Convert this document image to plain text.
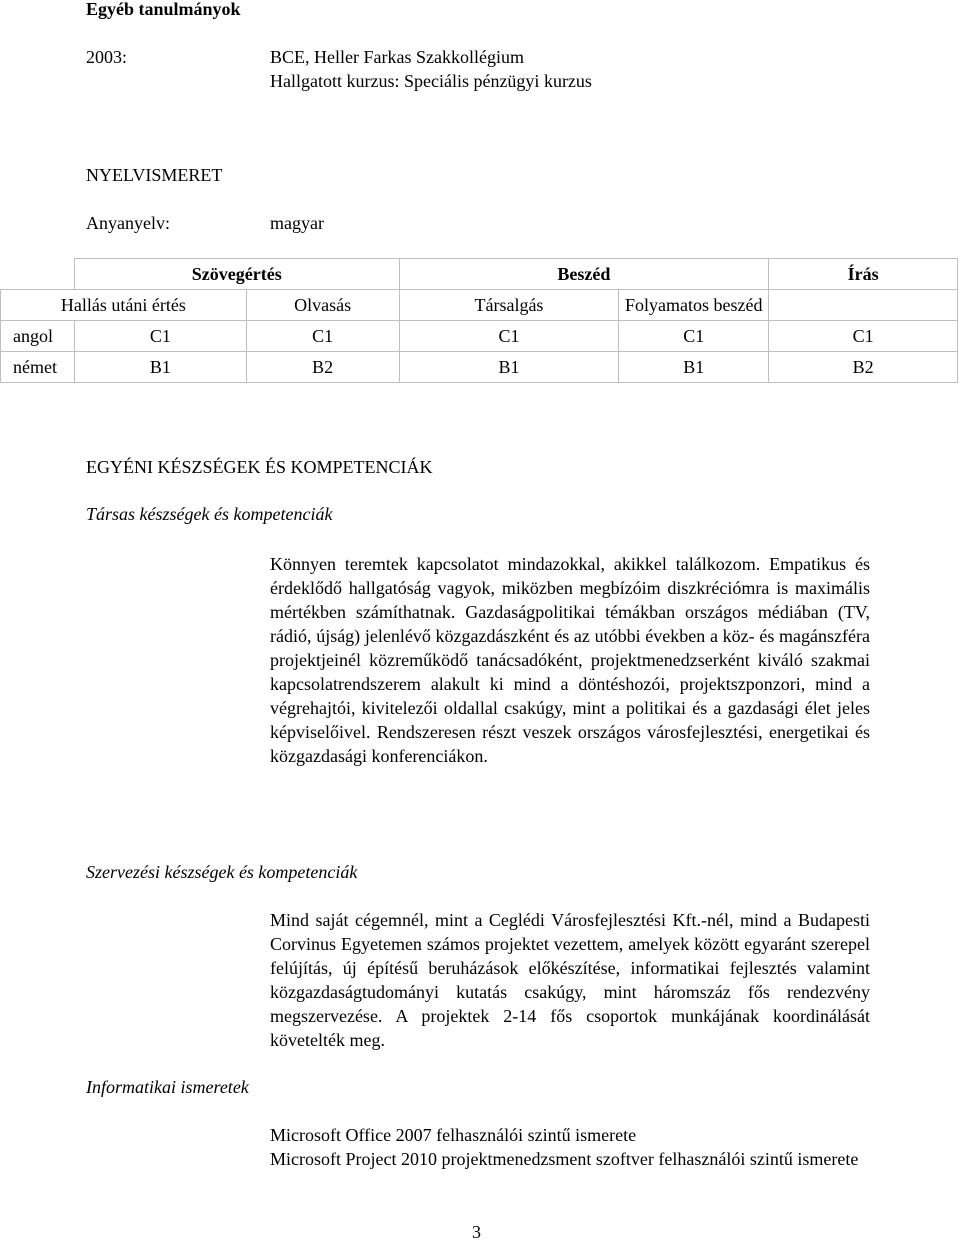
Egyéb tanulmányok
2003:	BCE, Heller Farkas Szakkollégium
Hallgatott kurzus: Speciális pénzügyi kurzus
NYELVISMERET
Anyanyelv:	magyar
	Szövegértés		Beszéd		Írás
Hallás utáni értés		Olvasás	Társalgás	Folyamatos beszéd	
angol	C1	C1	C1	C1	C1
német	B1	B2	B1	B1	B2
EGYÉNI KÉSZSÉGEK ÉS KOMPETENCIÁK
Társas készségek és kompetenciák

Könnyen teremtek kapcsolatot mindazokkal, akikkel találkozom. Empatikus és érdeklődő hallgatóság vagyok, miközben megbízóim diszkréciómra is maximális mértékben számíthatnak. Gazdaságpolitikai témákban országos médiában (TV, rádió, újság) jelenlévő közgazdászként és az utóbbi években a köz- és magánszféra projektjeinél közreműködő tanácsadóként, projektmenedzserként kiváló szakmai kapcsolatrendszerem alakult ki mind a döntéshozói, projektszponzori, mind a végrehajtói, kivitelezői oldallal csakúgy, mint a politikai és a gazdasági élet jeles képviselőivel. Rendszeresen részt veszek országos városfejlesztési, energetikai és közgazdasági konferenciákon.

Szervezési készségek és kompetenciák

Mind saját cégemnél, mint a Ceglédi Városfejlesztési Kft.-nél, mind a Budapesti Corvinus Egyetemen számos projektet vezettem, amelyek között egyaránt szerepel felújítás, új építésű beruházások előkészítése, informatikai fejlesztés valamint közgazdaságtudományi kutatás csakúgy, mint háromszáz fős rendezvény megszervezése. A projektek 2-14 fős csoportok munkájának koordinálását követelték meg.

Informatikai ismeretek
Microsoft Office 2007 felhasználói szintű ismerete

Microsoft Project 2010 projektmenedzsment szoftver felhasználói szintű ismerete

3
